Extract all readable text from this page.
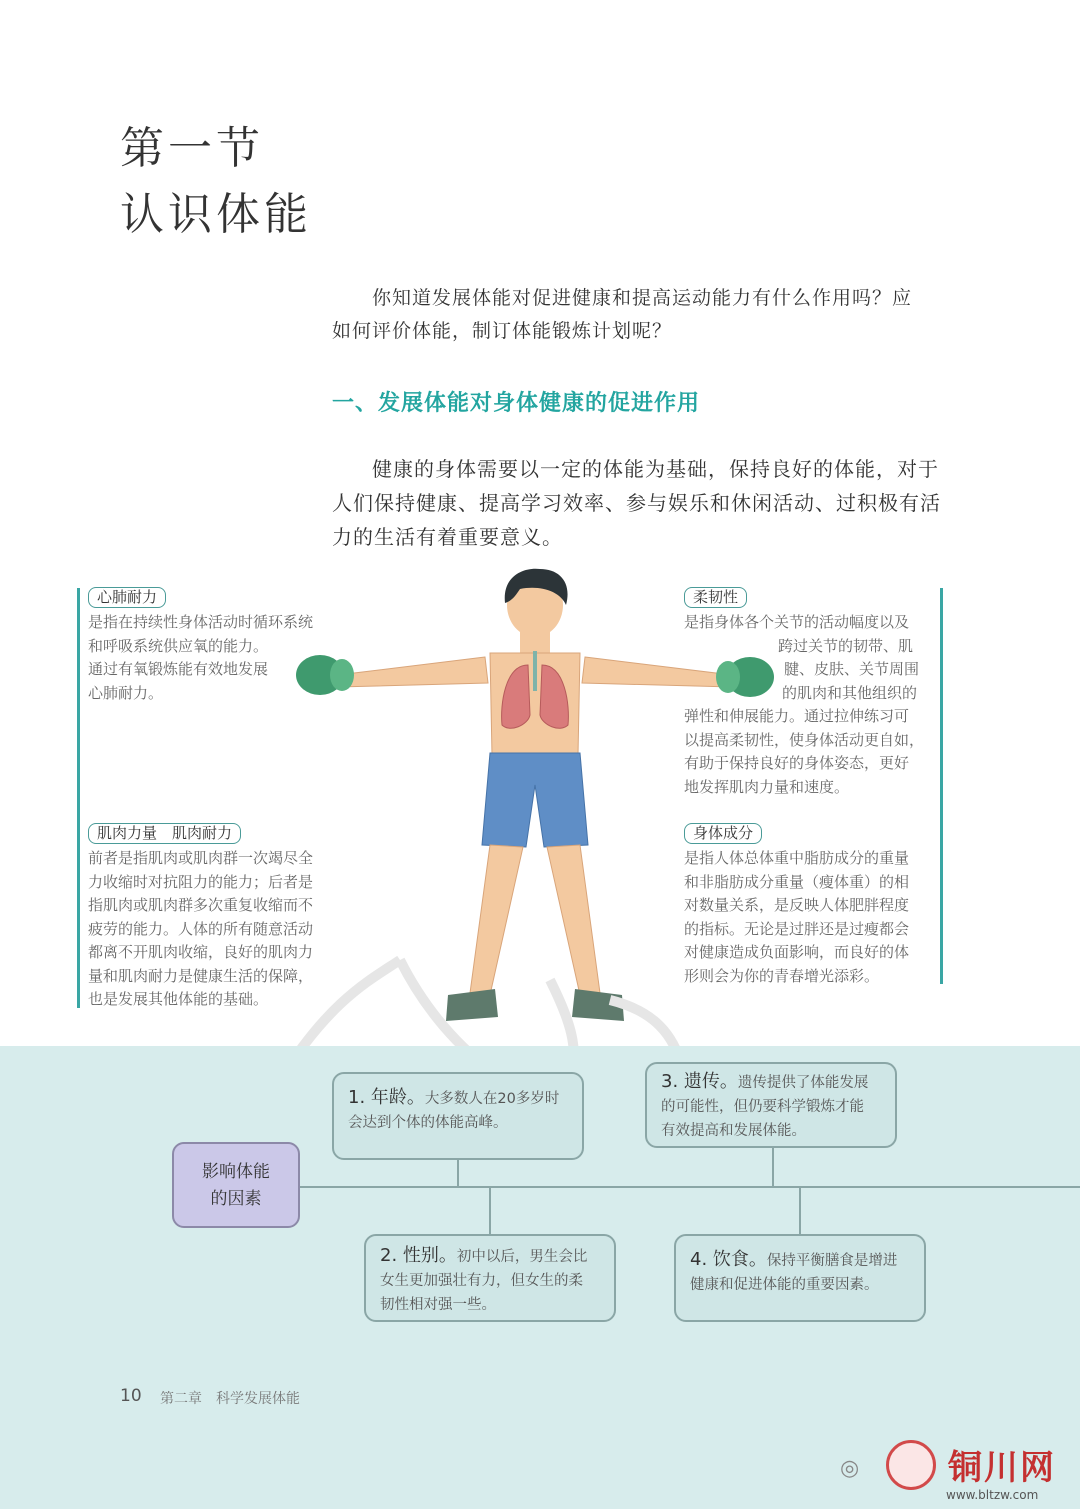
第一节
认识体能
你知道发展体能对促进健康和提高运动能力有什么作用吗？应
如何评价体能，制订体能锻炼计划呢？
一、发展体能对身体健康的促进作用
健康的身体需要以一定的体能为基础，保持良好的体能，对于
人们保持健康、提高学习效率、参与娱乐和休闲活动、过积极有活
力的生活有着重要意义。
心肺耐力
是指在持续性身体活动时循环系统
和呼吸系统供应氧的能力。
通过有氧锻炼能有效地发展
心肺耐力。
肌肉力量　肌肉耐力
前者是指肌肉或肌肉群一次竭尽全
力收缩时对抗阻力的能力；后者是
指肌肉或肌肉群多次重复收缩而不
疲劳的能力。人体的所有随意活动
都离不开肌肉收缩，良好的肌肉力
量和肌肉耐力是健康生活的保障，
也是发展其他体能的基础。
柔韧性
是指身体各个关节的活动幅度以及
跨过关节的韧带、肌
腱、皮肤、关节周围
的肌肉和其他组织的
弹性和伸展能力。通过拉伸练习可
以提高柔韧性，使身体活动更自如，
有助于保持良好的身体姿态，更好
地发挥肌肉力量和速度。
身体成分
是指人体总体重中脂肪成分的重量
和非脂肪成分重量（瘦体重）的相
对数量关系，是反映人体肥胖程度
的指标。无论是过胖还是过瘦都会
对健康造成负面影响，而良好的体
形则会为你的青春增光添彩。
影响体能
的因素
1. 年龄。大多数人在20多岁时
会达到个体的体能高峰。
3. 遗传。遗传提供了体能发展
的可能性，但仍要科学锻炼才能
有效提高和发展体能。
2. 性别。初中以后，男生会比
女生更加强壮有力，但女生的柔
韧性相对强一些。
4. 饮食。保持平衡膳食是增进
健康和促进体能的重要因素。
10 第二章 科学发展体能
◎	铜川网
www.bltzw.com
